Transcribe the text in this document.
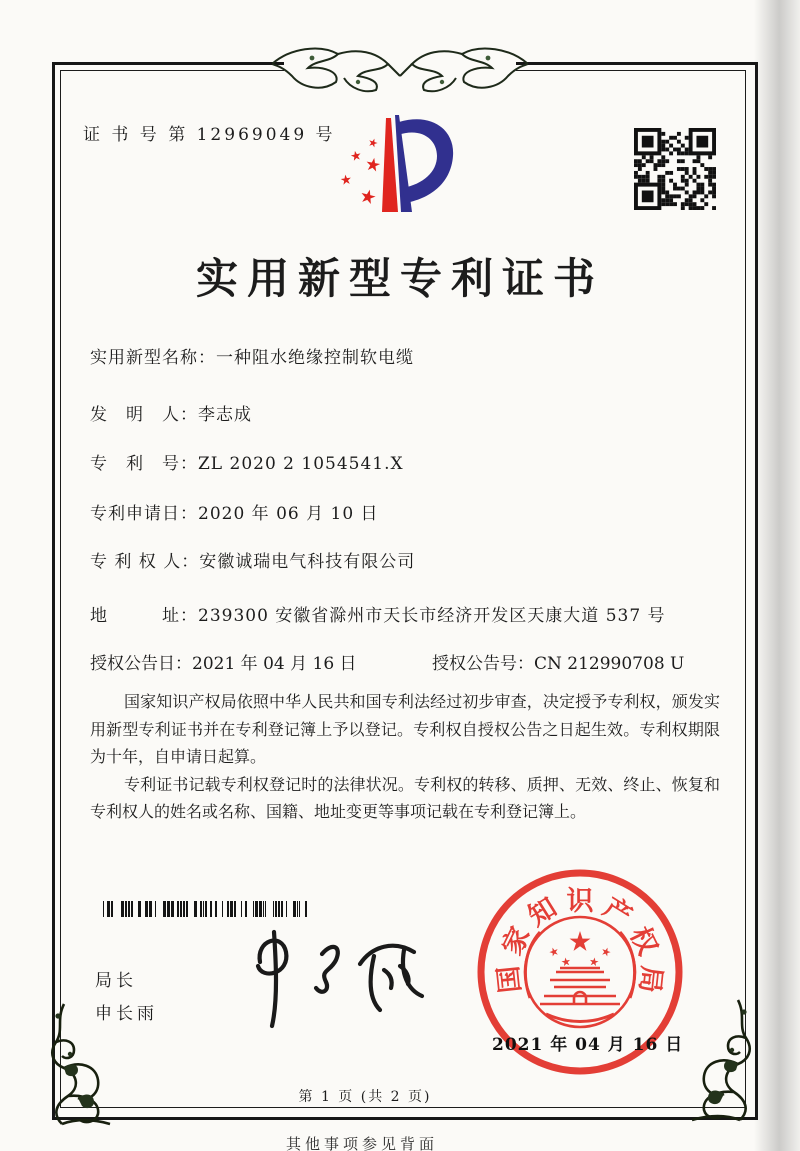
证 书 号 第 12969049 号
实用新型专利证书
实用新型名称：一种阻水绝缘控制软电缆
发　明　人：李志成
专　利　号：ZL 2020 2 1054541.X
专利申请日：2020 年 06 月 10 日
专 利 权 人：安徽诚瑞电气科技有限公司
地　　　址：239300 安徽省滁州市天长市经济开发区天康大道 537 号
授权公告日：2021 年 04 月 16 日	授权公告号：CN 212990708 U

国家知识产权局依照中华人民共和国专利法经过初步审查，决定授予专利权，颁发实用新型专利证书并在专利登记簿上予以登记。专利权自授权公告之日起生效。专利权期限为十年，自申请日起算。

专利证书记载专利权登记时的法律状况。专利权的转移、质押、无效、终止、恢复和专利权人的姓名或名称、国籍、地址变更等事项记载在专利登记簿上。

局长
申长雨
国
家
知 识 产
权
局
2021 年 04 月 16 日
第 1 页 (共 2 页)
其他事项参见背面
